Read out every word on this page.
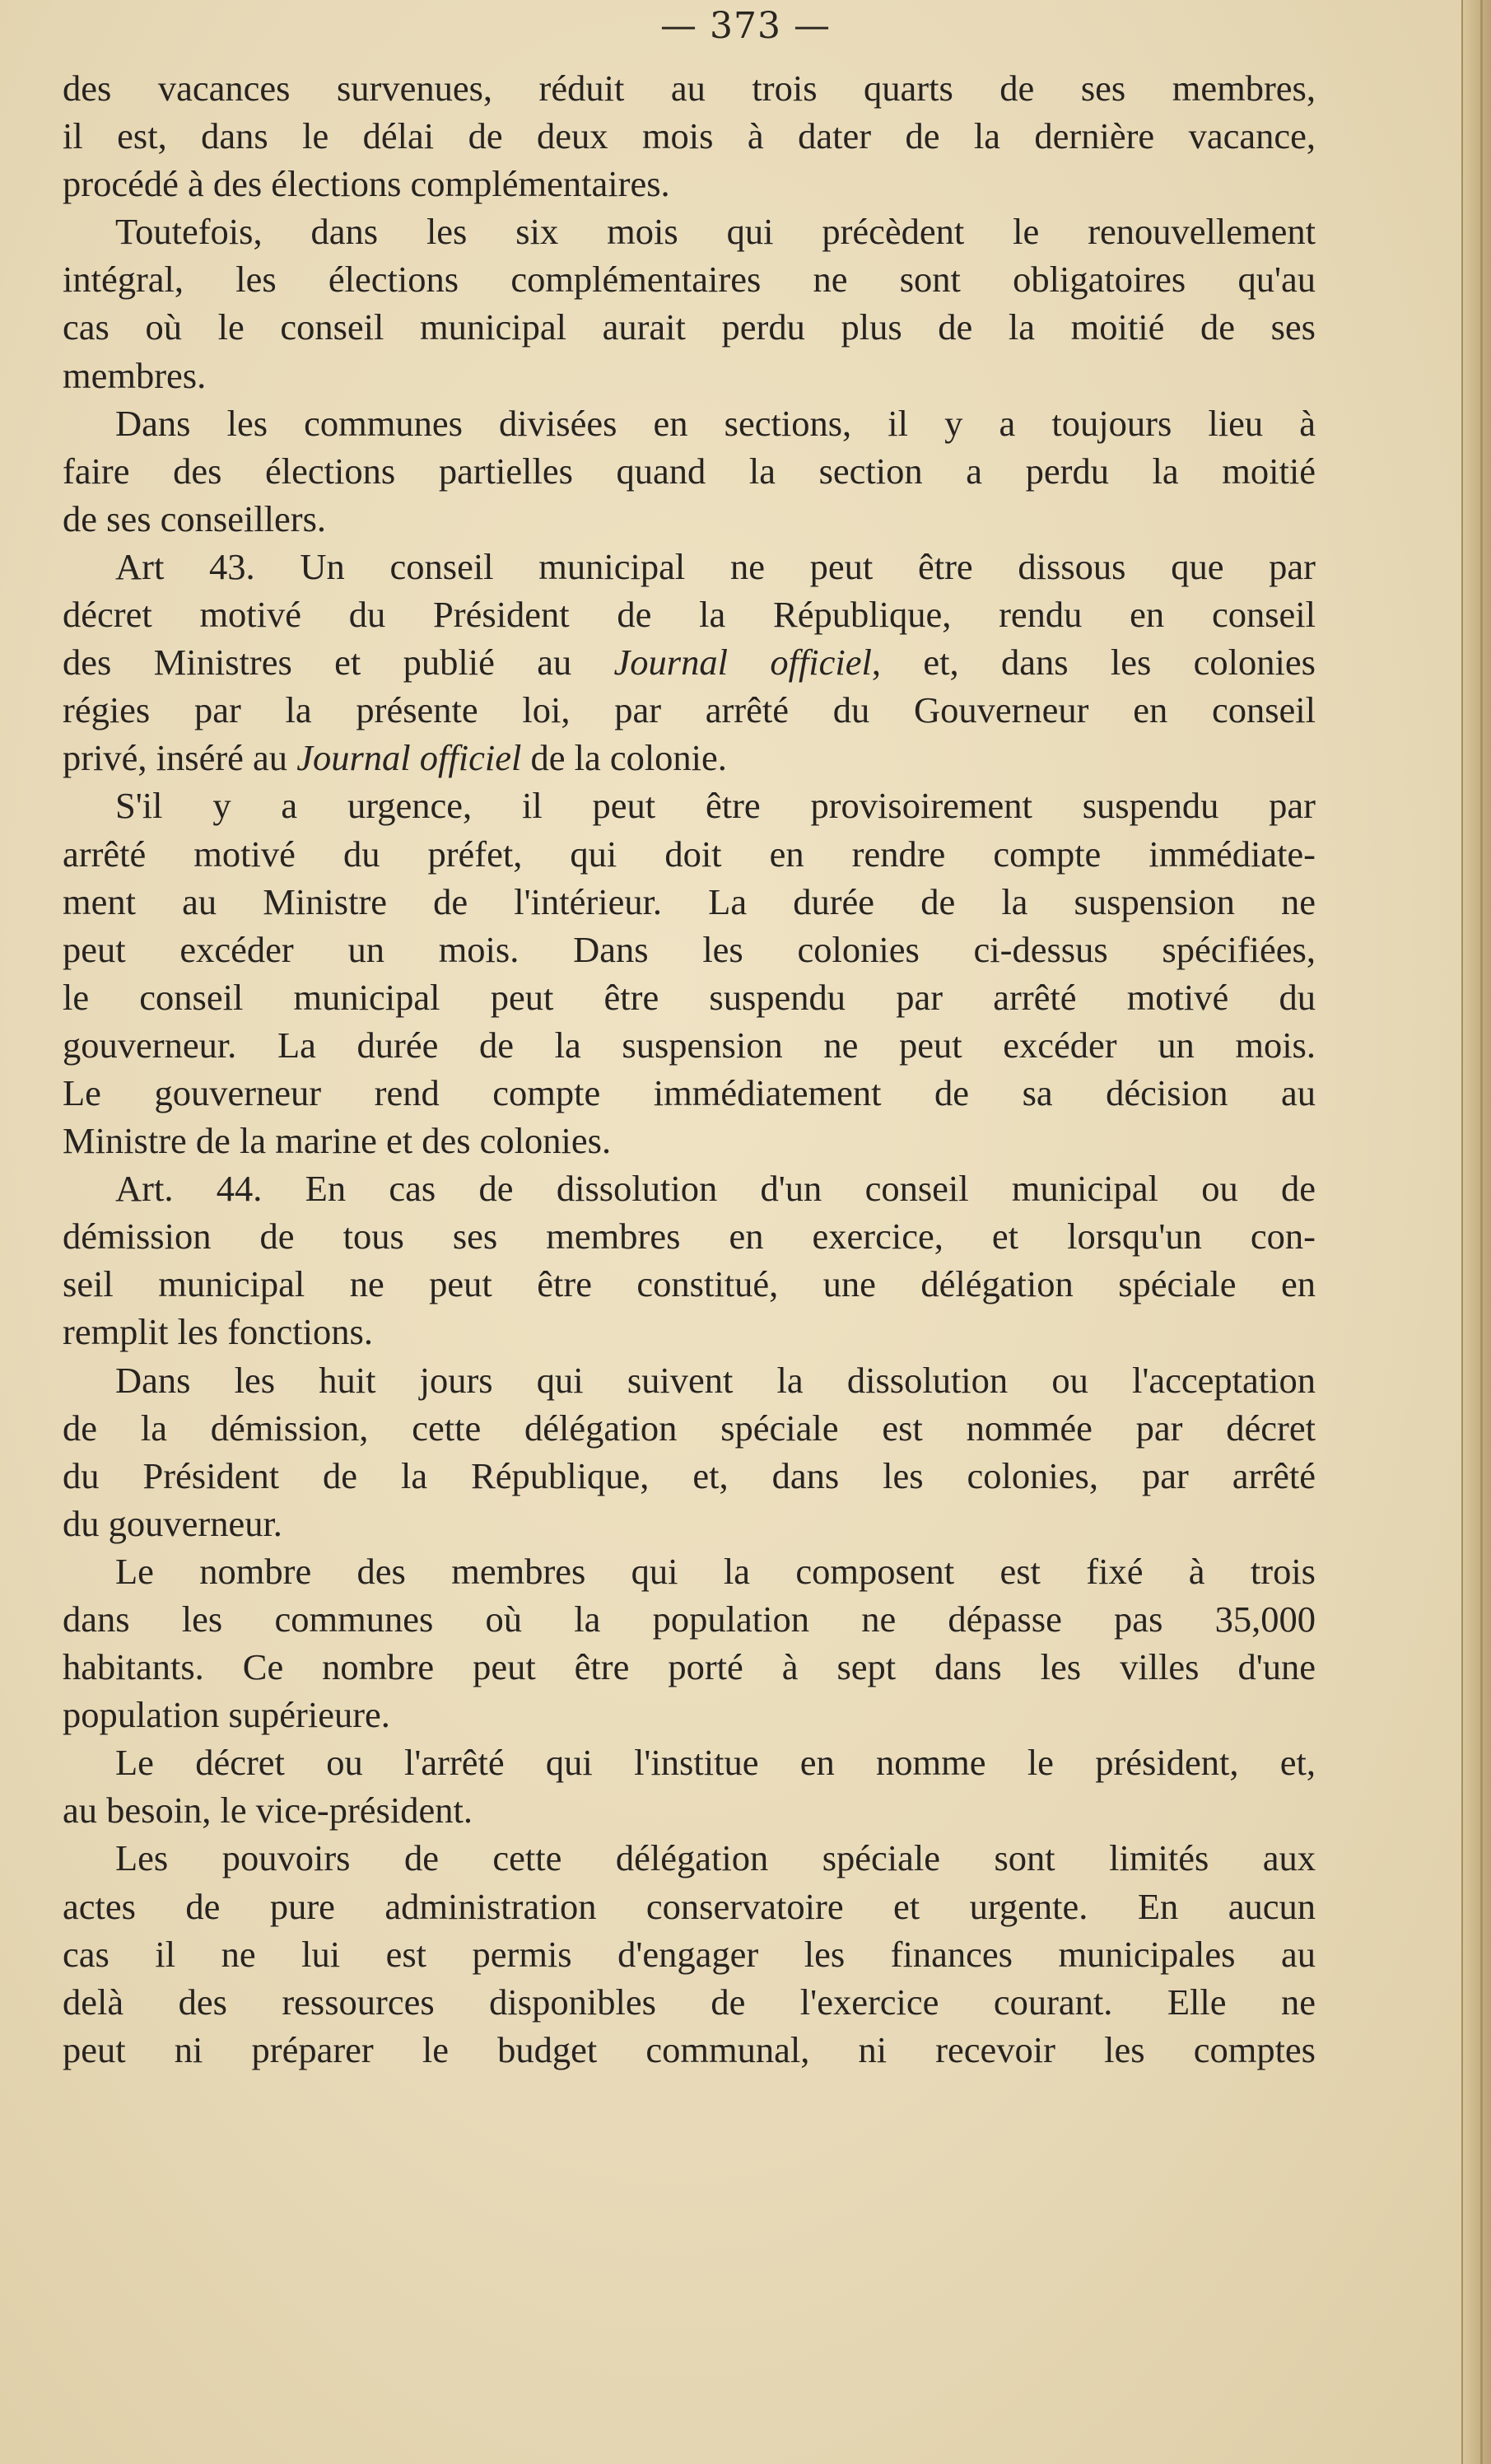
— 373 —
des vacances survenues, réduit au trois quarts de ses membres,
il est, dans le délai de deux mois à dater de la dernière vacance,
procédé à des élections complémentaires.
Toutefois, dans les six mois qui précèdent le renouvellement
intégral, les élections complémentaires ne sont obligatoires qu'au
cas où le conseil municipal aurait perdu plus de la moitié de ses
membres.
Dans les communes divisées en sections, il y a toujours lieu à
faire des élections partielles quand la section a perdu la moitié
de ses conseillers.
Art 43. Un conseil municipal ne peut être dissous que par
décret motivé du Président de la République, rendu en conseil
des Ministres et publié au Journal officiel, et, dans les colonies
régies par la présente loi, par arrêté du Gouverneur en conseil
privé, inséré au Journal officiel de la colonie.
S'il y a urgence, il peut être provisoirement suspendu par
arrêté motivé du préfet, qui doit en rendre compte immédiate-
ment au Ministre de l'intérieur. La durée de la suspension ne
peut excéder un mois. Dans les colonies ci-dessus spécifiées,
le conseil municipal peut être suspendu par arrêté motivé du
gouverneur. La durée de la suspension ne peut excéder un mois.
Le gouverneur rend compte immédiatement de sa décision au
Ministre de la marine et des colonies.
Art. 44. En cas de dissolution d'un conseil municipal ou de
démission de tous ses membres en exercice, et lorsqu'un con-
seil municipal ne peut être constitué, une délégation spéciale en
remplit les fonctions.
Dans les huit jours qui suivent la dissolution ou l'acceptation
de la démission, cette délégation spéciale est nommée par décret
du Président de la République, et, dans les colonies, par arrêté
du gouverneur.
Le nombre des membres qui la composent est fixé à trois
dans les communes où la population ne dépasse pas 35,000
habitants. Ce nombre peut être porté à sept dans les villes d'une
population supérieure.
Le décret ou l'arrêté qui l'institue en nomme le président, et,
au besoin, le vice-président.
Les pouvoirs de cette délégation spéciale sont limités aux
actes de pure administration conservatoire et urgente. En aucun
cas il ne lui est permis d'engager les finances municipales au
delà des ressources disponibles de l'exercice courant. Elle ne
peut ni préparer le budget communal, ni recevoir les comptes
